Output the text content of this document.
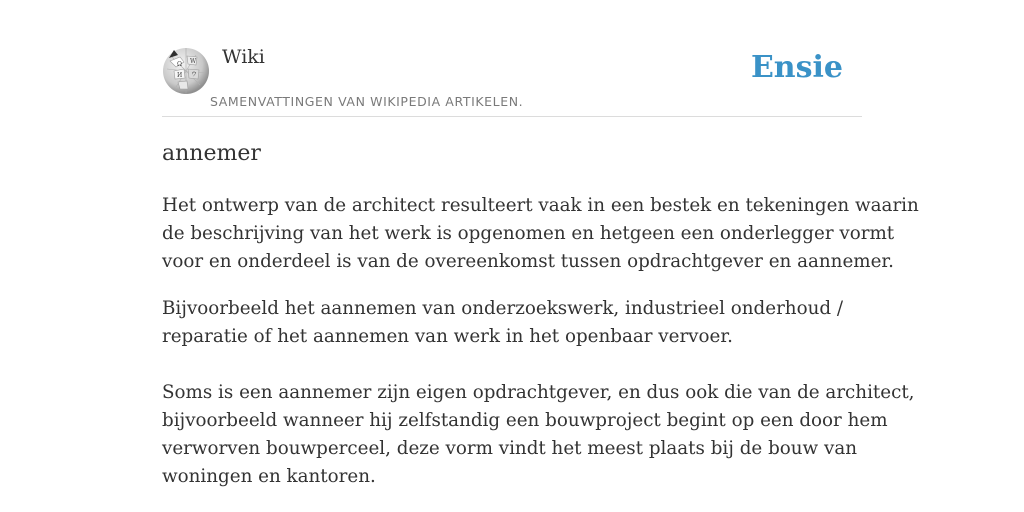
Ω W
И ウ
Wiki
SAMENVATTINGEN VAN WIKIPEDIA ARTIKELEN.
Ensie
annemer
Het ontwerp van de architect resulteert vaak in een bestek en tekeningen waarin
de beschrijving van het werk is opgenomen en hetgeen een onderlegger vormt
voor en onderdeel is van de overeenkomst tussen opdrachtgever en aannemer.
Bijvoorbeeld het aannemen van onderzoekswerk, industrieel onderhoud /
reparatie of het aannemen van werk in het openbaar vervoer.
Soms is een aannemer zijn eigen opdrachtgever, en dus ook die van de architect,
bijvoorbeeld wanneer hij zelfstandig een bouwproject begint op een door hem
verworven bouwperceel, deze vorm vindt het meest plaats bij de bouw van
woningen en kantoren.
